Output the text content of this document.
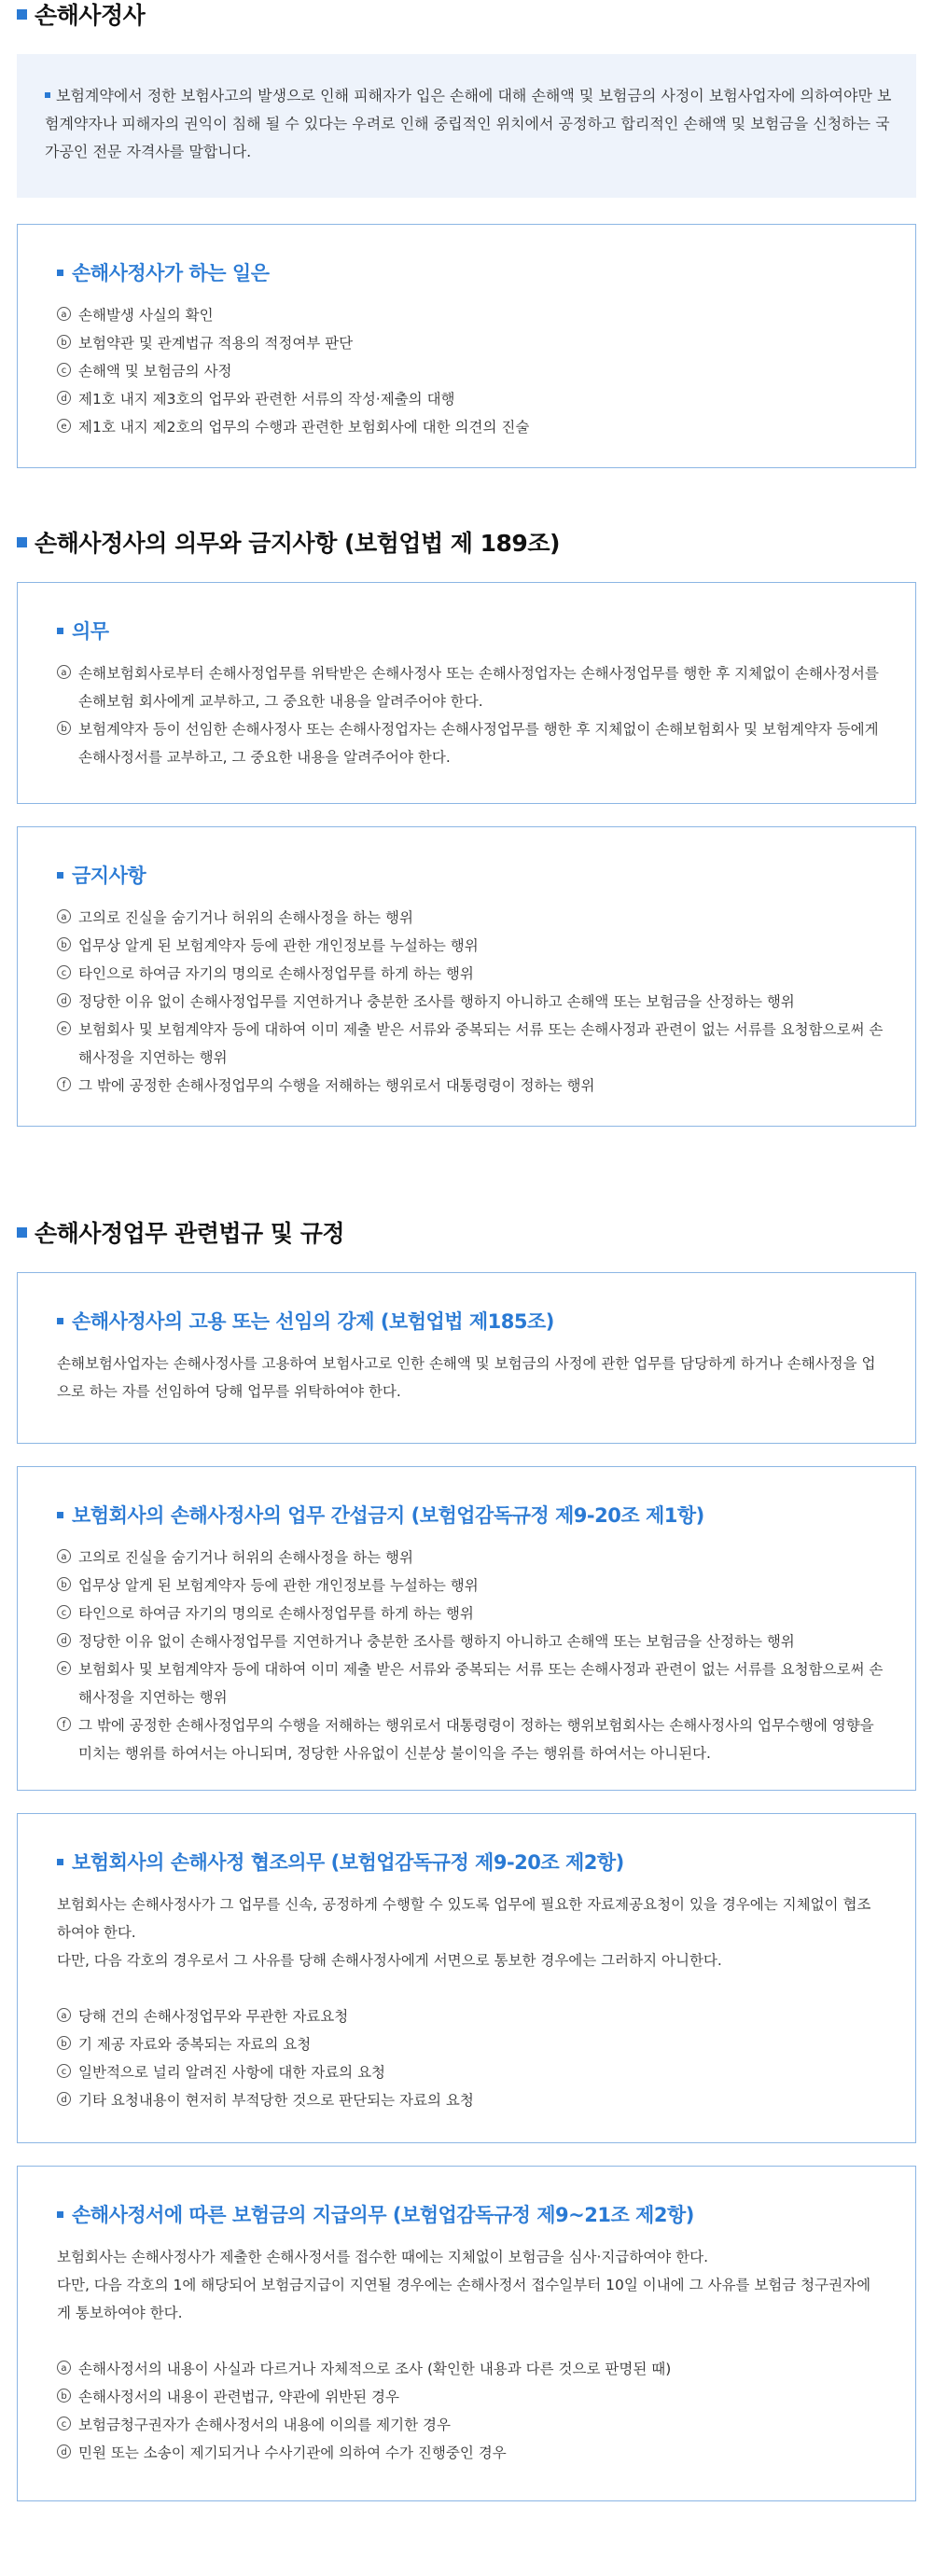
손해사정사
보험계약에서 정한 보험사고의 발생으로 인해 피해자가 입은 손해에 대해 손해액 및 보험금의 사정이 보험사업자에 의하여야만 보험계약자나 피해자의 권익이 침해 될 수 있다는 우려로 인해 중립적인 위치에서 공정하고 합리적인 손해액 및 보험금을 신청하는 국가공인 전문 자격사를 말합니다.
손해사정사가 하는 일은
a 손해발생 사실의 확인
b 보험약관 및 관계법규 적용의 적정여부 판단
c 손해액 및 보험금의 사정
d 제1호 내지 제3호의 업무와 관련한 서류의 작성·제출의 대행
e 제1호 내지 제2호의 업무의 수행과 관련한 보험회사에 대한 의견의 진술
손해사정사의 의무와 금지사항 (보험업법 제 189조)
의무
a 손해보험회사로부터 손해사정업무를 위탁받은 손해사정사 또는 손해사정업자는 손해사정업무를 행한 후 지체없이 손해사정서를 손해보험 회사에게 교부하고, 그 중요한 내용을 알려주어야 한다.
b 보험계약자 등이 선임한 손해사정사 또는 손해사정업자는 손해사정업무를 행한 후 지체없이 손해보험회사 및 보험계약자 등에게 손해사정서를 교부하고, 그 중요한 내용을 알려주어야 한다.
금지사항
a 고의로 진실을 숨기거나 허위의 손해사정을 하는 행위
b 업무상 알게 된 보험계약자 등에 관한 개인정보를 누설하는 행위
c 타인으로 하여금 자기의 명의로 손해사정업무를 하게 하는 행위
d 정당한 이유 없이 손해사정업무를 지연하거나 충분한 조사를 행하지 아니하고 손해액 또는 보험금을 산정하는 행위
e 보험회사 및 보험계약자 등에 대하여 이미 제출 받은 서류와 중복되는 서류 또는 손해사정과 관련이 없는 서류를 요청함으로써 손해사정을 지연하는 행위
f 그 밖에 공정한 손해사정업무의 수행을 저해하는 행위로서 대통령령이 정하는 행위
손해사정업무 관련법규 및 규정
손해사정사의 고용 또는 선임의 강제 (보험업법 제185조)

손해보험사업자는 손해사정사를 고용하여 보험사고로 인한 손해액 및 보험금의 사정에 관한 업무를 담당하게 하거나 손해사정을 업으로 하는 자를 선임하여 당해 업무를 위탁하여야 한다.

보험회사의 손해사정사의 업무 간섭금지 (보험업감독규정 제9-20조 제1항)
a 고의로 진실을 숨기거나 허위의 손해사정을 하는 행위
b 업무상 알게 된 보험계약자 등에 관한 개인정보를 누설하는 행위
c 타인으로 하여금 자기의 명의로 손해사정업무를 하게 하는 행위
d 정당한 이유 없이 손해사정업무를 지연하거나 충분한 조사를 행하지 아니하고 손해액 또는 보험금을 산정하는 행위
e 보험회사 및 보험계약자 등에 대하여 이미 제출 받은 서류와 중복되는 서류 또는 손해사정과 관련이 없는 서류를 요청함으로써 손해사정을 지연하는 행위
f 그 밖에 공정한 손해사정업무의 수행을 저해하는 행위로서 대통령령이 정하는 행위보험회사는 손해사정사의 업무수행에 영향을 미치는 행위를 하여서는 아니되며, 정당한 사유없이 신분상 불이익을 주는 행위를 하여서는 아니된다.
보험회사의 손해사정 협조의무 (보험업감독규정 제9-20조 제2항)

보험회사는 손해사정사가 그 업무를 신속, 공정하게 수행할 수 있도록 업무에 필요한 자료제공요청이 있을 경우에는 지체없이 협조하여야 한다.

다만, 다음 각호의 경우로서 그 사유를 당해 손해사정사에게 서면으로 통보한 경우에는 그러하지 아니한다.

a 당해 건의 손해사정업무와 무관한 자료요청
b 기 제공 자료와 중복되는 자료의 요청
c 일반적으로 널리 알려진 사항에 대한 자료의 요청
d 기타 요청내용이 현저히 부적당한 것으로 판단되는 자료의 요청
손해사정서에 따른 보험금의 지급의무 (보험업감독규정 제9~21조 제2항)

보험회사는 손해사정사가 제출한 손해사정서를 접수한 때에는 지체없이 보험금을 심사·지급하여야 한다.

다만, 다음 각호의 1에 해당되어 보험금지급이 지연될 경우에는 손해사정서 접수일부터 10일 이내에 그 사유를 보험금 청구권자에게 통보하여야 한다.

a 손해사정서의 내용이 사실과 다르거나 자체적으로 조사 (확인한 내용과 다른 것으로 판명된 때)
b 손해사정서의 내용이 관련법규, 약관에 위반된 경우
c 보험금청구권자가 손해사정서의 내용에 이의를 제기한 경우
d 민원 또는 소송이 제기되거나 수사기관에 의하여 수가 진행중인 경우
